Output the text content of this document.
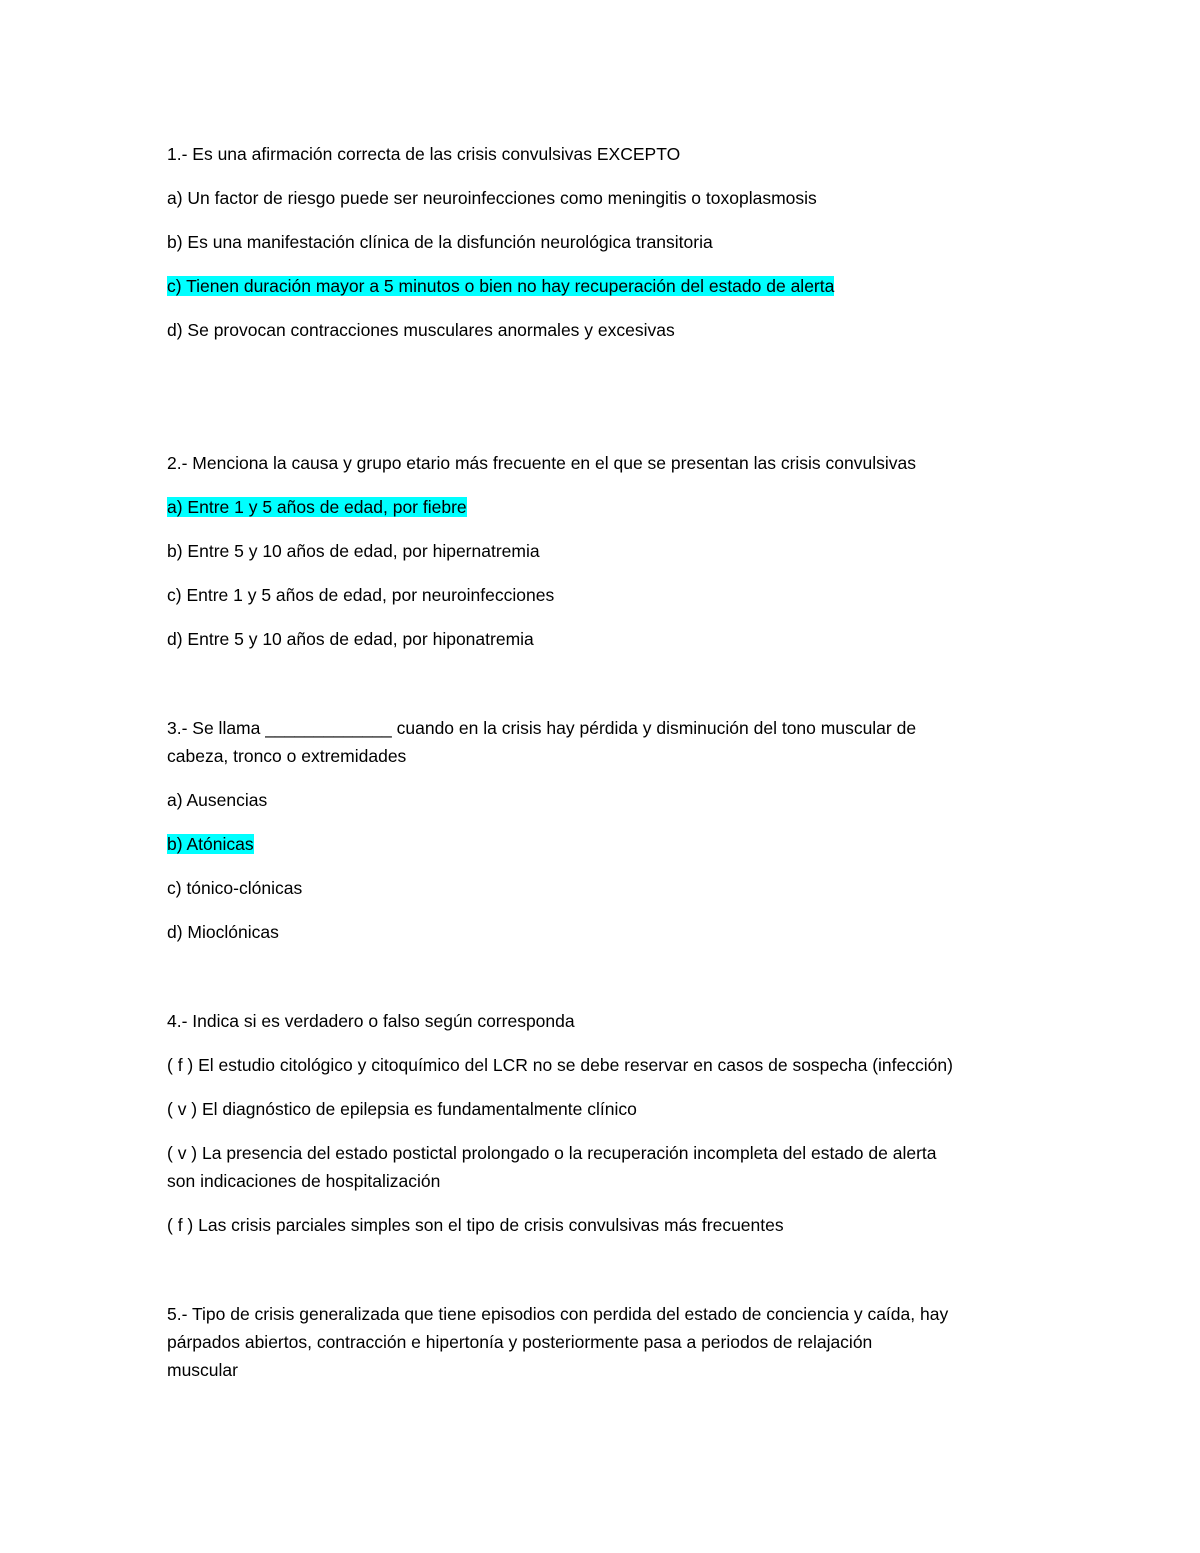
1.- Es una afirmación correcta de las crisis convulsivas EXCEPTO
a) Un factor de riesgo puede ser neuroinfecciones como meningitis o toxoplasmosis
b) Es una manifestación clínica de la disfunción neurológica transitoria
c) Tienen duración mayor a 5 minutos o bien no hay recuperación del estado de alerta
d) Se provocan contracciones musculares anormales y excesivas
2.- Menciona la causa y grupo etario más frecuente en el que se presentan las crisis convulsivas
a) Entre 1 y 5 años de edad, por fiebre
b) Entre 5 y 10 años de edad, por hipernatremia
c) Entre 1 y 5 años de edad, por neuroinfecciones
d) Entre 5 y 10 años de edad, por hiponatremia
3.- Se llama _____________ cuando en la crisis hay pérdida y disminución del tono muscular de
cabeza, tronco o extremidades
a) Ausencias
b) Atónicas
c) tónico-clónicas
d) Mioclónicas
4.- Indica si es verdadero o falso según corresponda
( f ) El estudio citológico y citoquímico del LCR no se debe reservar en casos de sospecha (infección)
( v ) El diagnóstico de epilepsia es fundamentalmente clínico
( v ) La presencia del estado postictal prolongado o la recuperación incompleta del estado de alerta
son indicaciones de hospitalización
( f ) Las crisis parciales simples son el tipo de crisis convulsivas más frecuentes
5.- Tipo de crisis generalizada que tiene episodios con perdida del estado de conciencia y caída, hay
párpados abiertos, contracción e hipertonía y posteriormente pasa a periodos de relajación
muscular
